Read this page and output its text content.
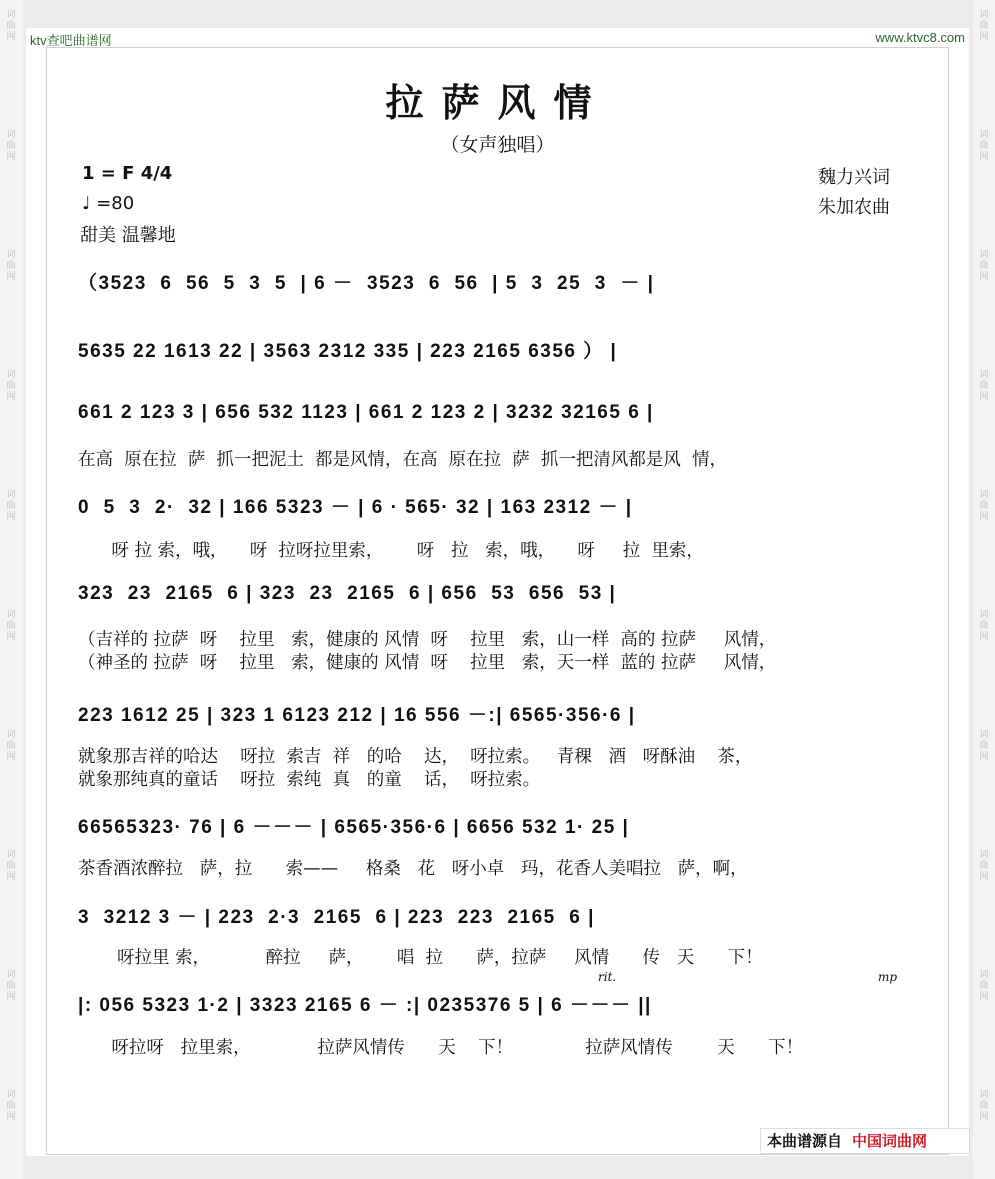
词曲网
词曲网
词曲网
词曲网
词曲网
词曲网
词曲网
词曲网
词曲网
词曲网
词曲网
词曲网
词曲网
词曲网
词曲网
词曲网
词曲网
词曲网
词曲网
词曲网
ktv查吧曲谱网	www.ktvc8.com
拉萨风情
（女声独唱）
1 = F 4/4
♩ =80
甜美 温馨地
魏力兴词
朱加农曲
（3523  6  56  5  3  5  | 6 －  3523  6  56  | 5  3  25  3  － |
5635 22 1613 22 | 3563 2312 335 | 223 2165 6356 ） |
661 2 123 3 | 656 532 1123 | 661 2 123 2 | 3232 32165 6 |
在高  原在拉  萨  抓一把泥土  都是风情，在高  原在拉  萨  抓一把清风都是风  情，
0  5  3  2·  32 | 166 5323 － | 6 · 565· 32 | 163 2312 － |
呀 拉 索，哦，    呀  拉呀拉里索，      呀   拉   索，哦，    呀     拉  里索，
323  23  2165  6 | 323  23  2165  6 | 656  53  656  53 |
（吉祥的 拉萨  呀    拉里   索，健康的 风情  呀    拉里   索，山一样  高的 拉萨     风情，
（神圣的 拉萨  呀    拉里   索，健康的 风情  呀    拉里   索，天一样  蓝的 拉萨     风情，
223 1612 25 | 323 1 6123 212 | 16 556 －:| 6565·356·6 |
就象那吉祥的哈达    呀拉  索吉  祥   的哈    达，  呀拉索。   青稞   酒   呀酥油    茶，
就象那纯真的童话    呀拉  索纯  真   的童    话，  呀拉索。
66565323· 76 | 6 －－－ | 6565·356·6 | 6656 532 1· 25 |
茶香酒浓醉拉   萨，拉      索——     格桑   花   呀小卓   玛，花香人美唱拉   萨，啊，
3  3212 3 － | 223  2·3  2165  6 | 223  223  2165  6 |
呀拉里 索，          醉拉     萨，      唱  拉      萨，拉萨     风情      传   天      下！
|: 056 5323 1·2 | 3323 2165 6 － :| 0235376 5 | 6 －－－ ||
呀拉呀   拉里索，            拉萨风情传      天    下！             拉萨风情传        天      下！
rit.	mp
本曲谱源自 中国词曲网
